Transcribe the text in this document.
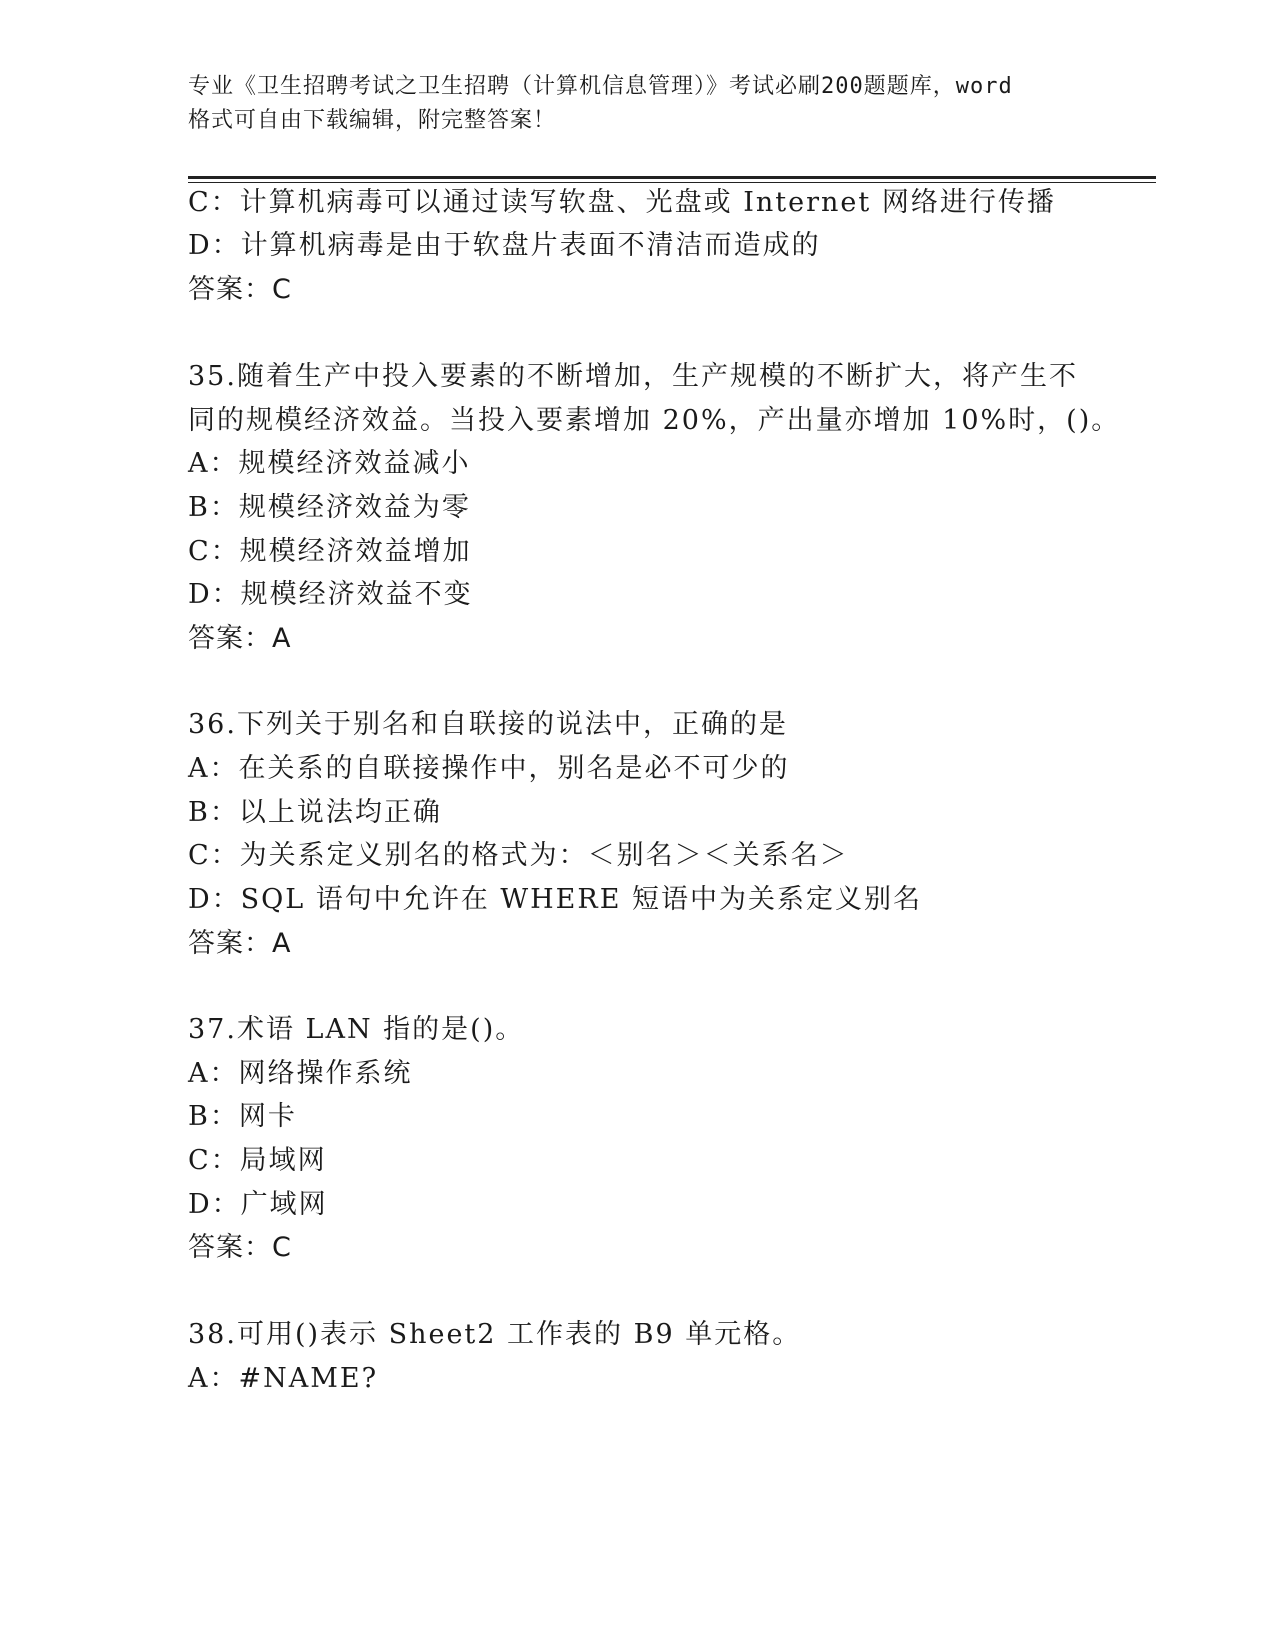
专业《卫生招聘考试之卫生招聘（计算机信息管理）》考试必刷200题题库，word
格式可自由下载编辑，附完整答案！
C：计算机病毒可以通过读写软盘、光盘或 Internet 网络进行传播
D：计算机病毒是由于软盘片表面不清洁而造成的
答案：C
35.随着生产中投入要素的不断增加，生产规模的不断扩大，将产生不
同的规模经济效益。当投入要素增加 20%，产出量亦增加 10%时，()。
A：规模经济效益减小
B：规模经济效益为零
C：规模经济效益增加
D：规模经济效益不变
答案：A
36.下列关于别名和自联接的说法中，正确的是
A：在关系的自联接操作中，别名是必不可少的
B：以上说法均正确
C：为关系定义别名的格式为：＜别名＞＜关系名＞
D：SQL 语句中允许在 WHERE 短语中为关系定义别名
答案：A
37.术语 LAN 指的是()。
A：网络操作系统
B：网卡
C：局域网
D：广域网
答案：C
38.可用()表示 Sheet2 工作表的 B9 单元格。
A：#NAME?
